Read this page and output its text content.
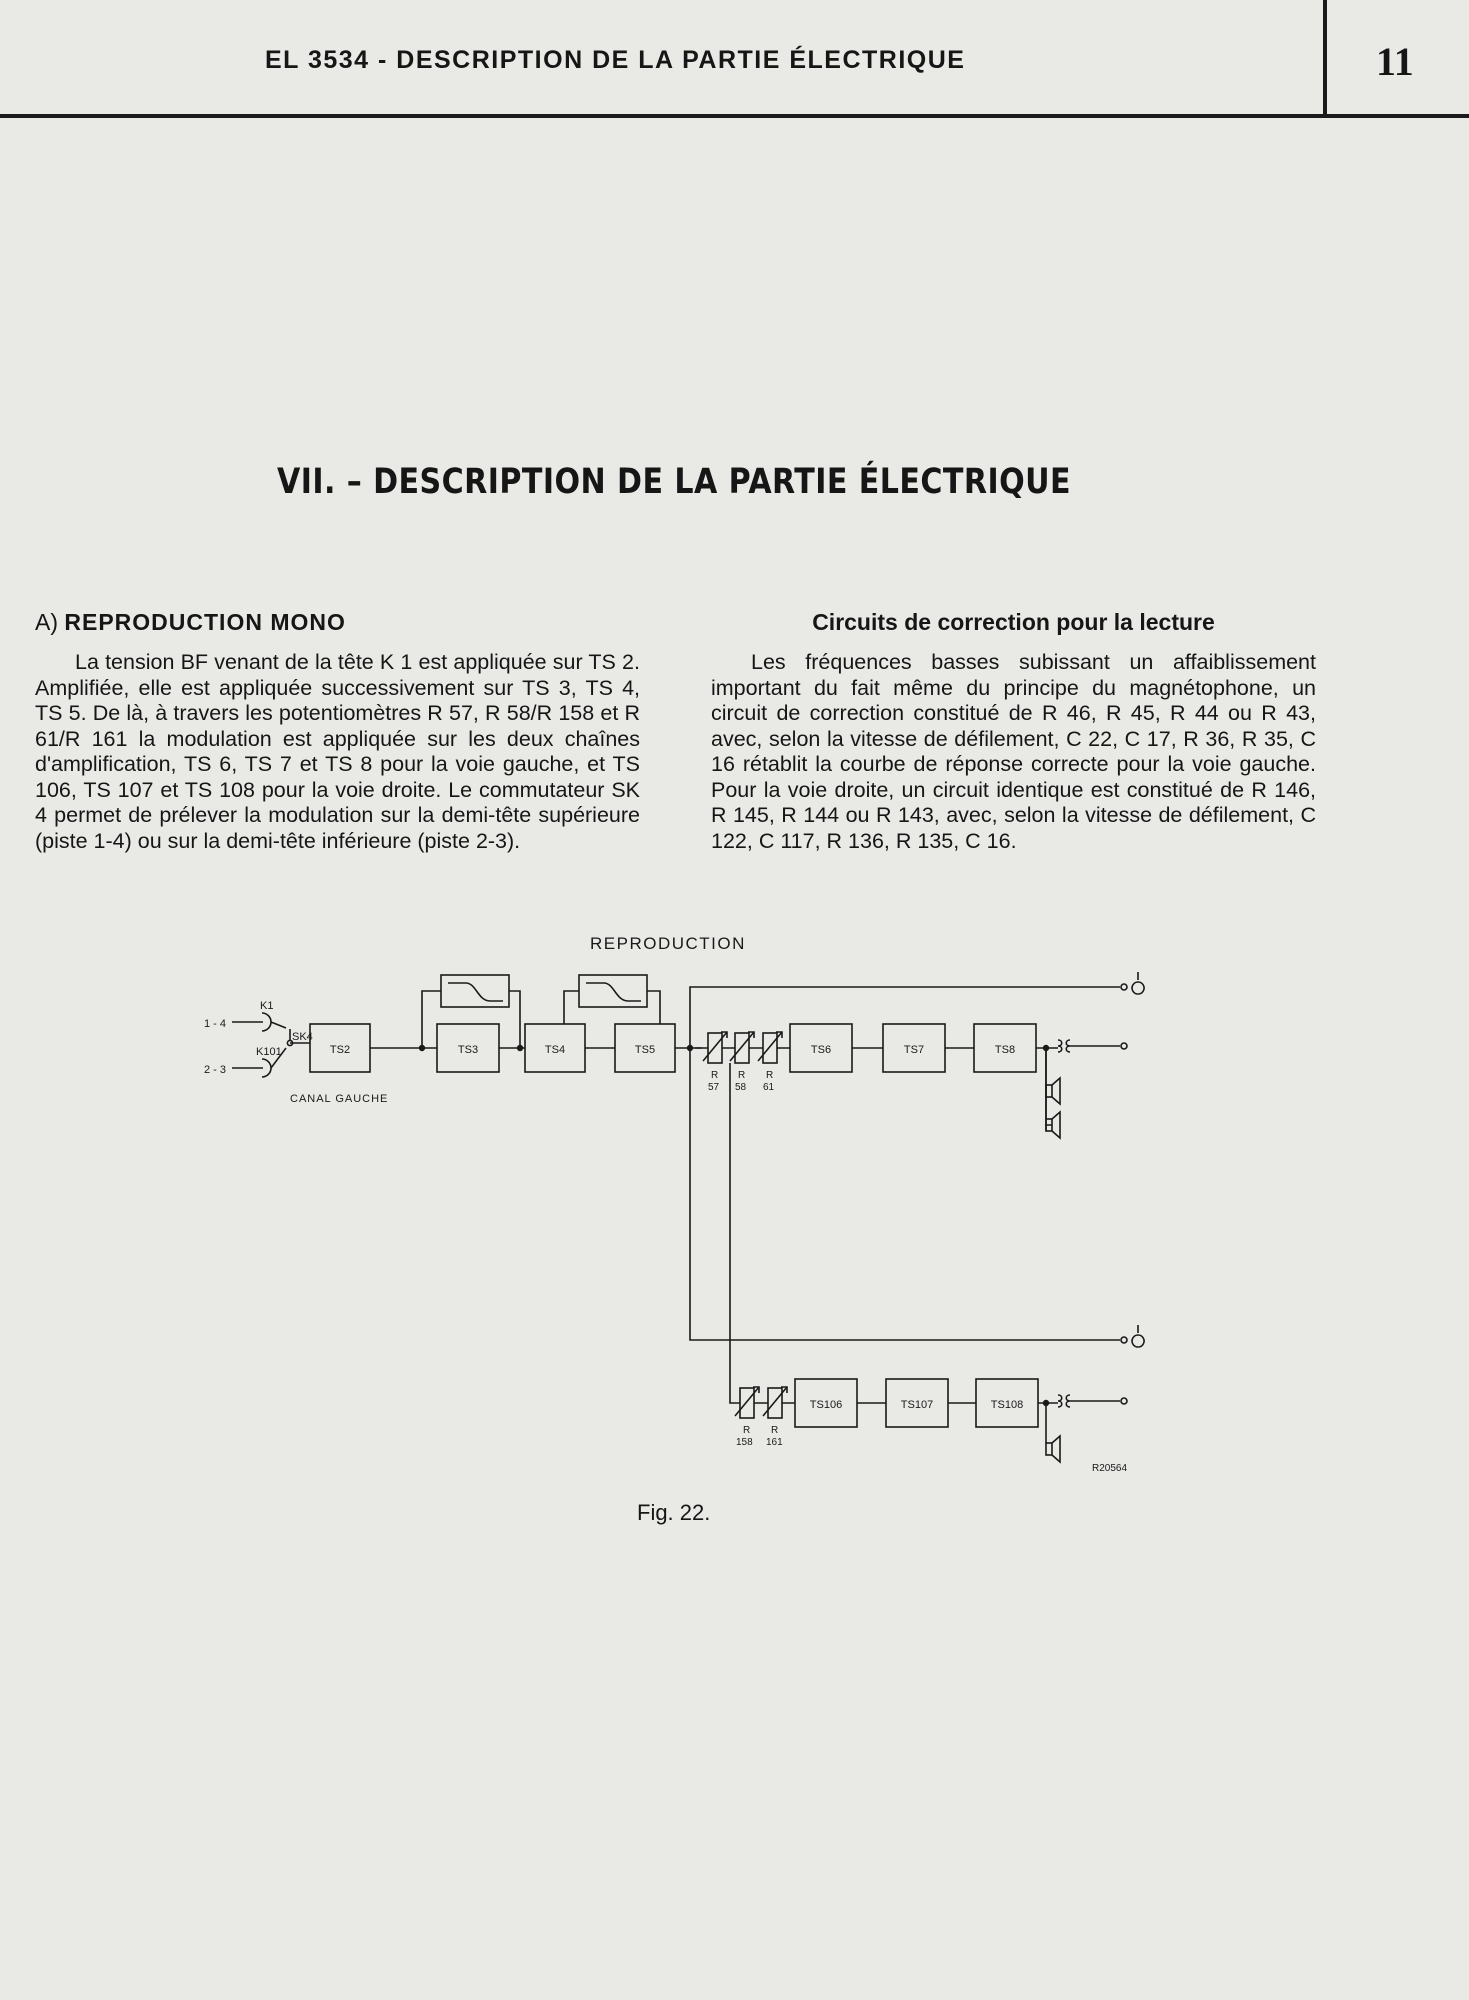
EL 3534 - DESCRIPTION DE LA PARTIE ÉLECTRIQUE	11
VII. – DESCRIPTION DE LA PARTIE ÉLECTRIQUE
A) REPRODUCTION MONO

La tension BF venant de la tête K 1 est appliquée sur TS 2. Amplifiée, elle est appliquée successivement sur TS 3, TS 4, TS 5. De là, à travers les potentiomètres R 57, R 58/R 158 et R 61/R 161 la modulation est appliquée sur les deux chaînes d'amplification, TS 6, TS 7 et TS 8 pour la voie gauche, et TS 106, TS 107 et TS 108 pour la voie droite. Le commutateur SK 4 permet de prélever la modulation sur la demi-tête supérieure (piste 1-4) ou sur la demi-tête inférieure (piste 2-3).

Circuits de correction pour la lecture

Les fréquences basses subissant un affaiblissement important du fait même du principe du magnétophone, un circuit de correction constitué de R 46, R 45, R 44 ou R 43, avec, selon la vitesse de défilement, C 22, C 17, R 36, R 35, C 16 rétablit la courbe de réponse correcte pour la voie gauche. Pour la voie droite, un circuit identique est constitué de R 146, R 145, R 144 ou R 143, avec, selon la vitesse de défilement, C 122, C 117, R 136, R 135, C 16.

REPRODUCTION
1 - 4
2 - 3
K1
K101
SK4
TS2	TS3	TS4	TS5
R R R
57 58 61
TS6	TS7	TS8
R R
158 161
TS106	TS107	TS108
R20564
CANAL GAUCHE
Fig. 22.
